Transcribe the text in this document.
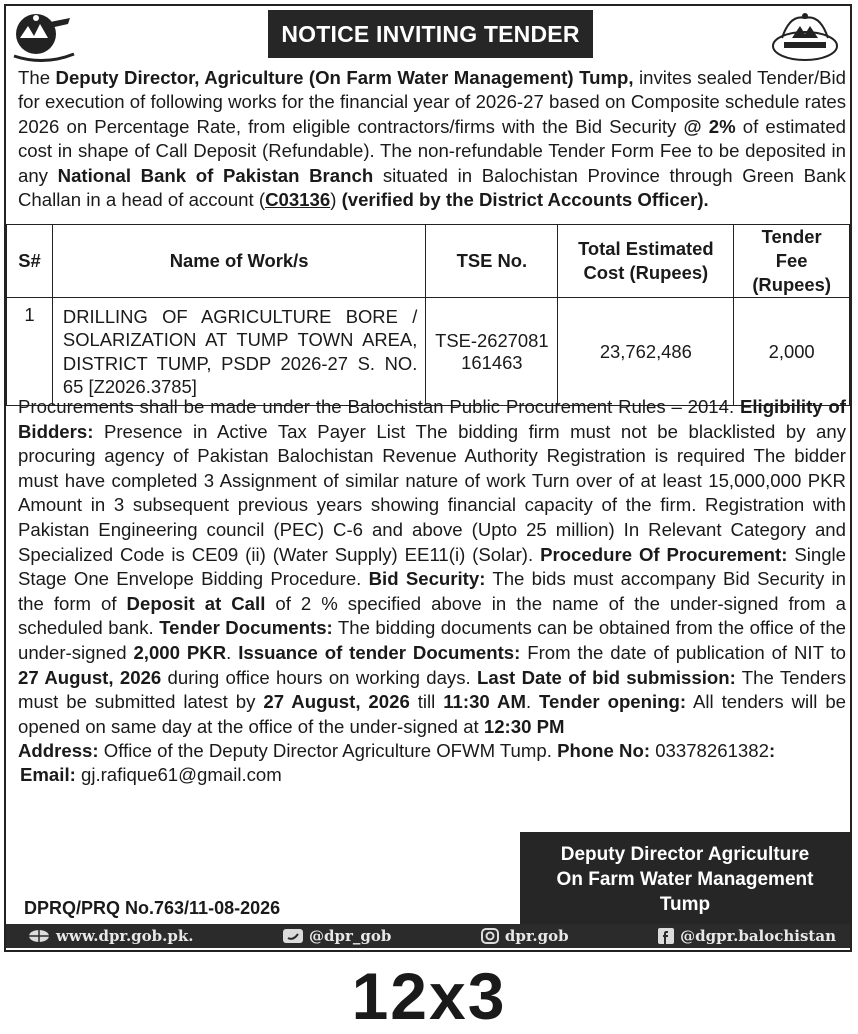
NOTICE INVITING TENDER
The Deputy Director, Agriculture (On Farm Water Management) Tump, invites sealed Tender/Bid for execution of following works for the financial year of 2026-27 based on Composite schedule rates 2026 on Percentage Rate, from eligible contractors/firms with the Bid Security @ 2% of estimated cost in shape of Call Deposit (Refundable). The non-refundable Tender Form Fee to be deposited in any National Bank of Pakistan Branch situated in Balochistan Province through Green Bank Challan in a head of account (C03136) (verified by the District Accounts Officer).
S#	Name of Work/s	TSE No.	Total Estimated Cost (Rupees)	Tender Fee (Rupees)
1	DRILLING OF AGRICULTURE BORE / SOLARIZATION AT TUMP TOWN AREA, DISTRICT TUMP, PSDP 2026-27 S. NO. 65 [Z2026.3785]	TSE-2627081161463	23,762,486	2,000

Procurements shall be made under the Balochistan Public Procurement Rules – 2014. Eligibility of Bidders: Presence in Active Tax Payer List The bidding firm must not be blacklisted by any procuring agency of Pakistan Balochistan Revenue Authority Registration is required The bidder must have completed 3 Assignment of similar nature of work Turn over of at least 15,000,000 PKR Amount in 3 subsequent previous years showing financial capacity of the firm. Registration with Pakistan Engineering council (PEC) C-6 and above (Upto 25 million) In Relevant Category and Specialized Code is CE09 (ii) (Water Supply) EE11(i) (Solar). Procedure Of Procurement: Single Stage One Envelope Bidding Procedure. Bid Security: The bids must accompany Bid Security in the form of Deposit at Call of 2 % specified above in the name of the under-signed from a scheduled bank. Tender Documents: The bidding documents can be obtained from the office of the under-signed 2,000 PKR. Issuance of tender Documents: From the date of publication of NIT to 27 August, 2026 during office hours on working days. Last Date of bid submission: The Tenders must be submitted latest by 27 August, 2026 till 11:30 AM. Tender opening: All tenders will be opened on same day at the office of the under-signed at 12:30 PM

Address: Office of the Deputy Director Agriculture OFWM Tump. Phone No: 03378261382:

Email: gj.rafique61@gmail.com
Deputy Director Agriculture
On Farm Water Management
Tump
DPRQ/PRQ No.763/11-08-2026
www.dpr.gob.pk.	@dpr_gob	dpr.gob	@dgpr.balochistan
12x3
